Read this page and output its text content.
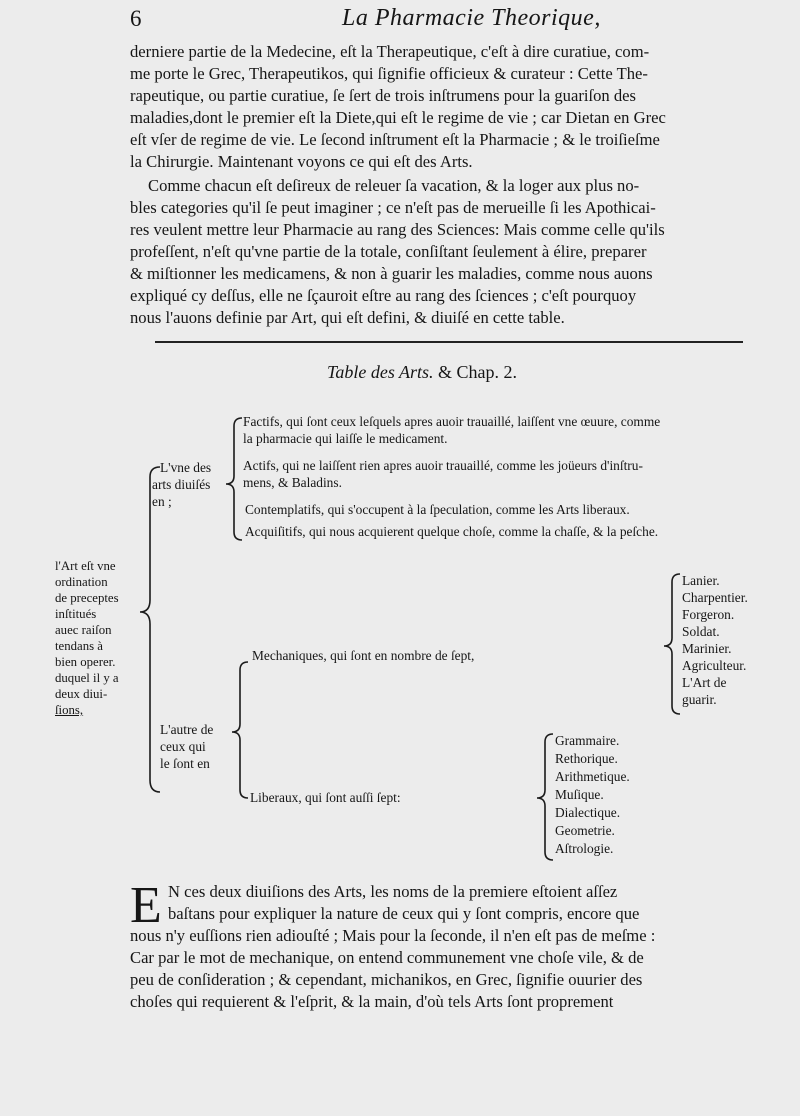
6	La Pharmacie Theorique,
derniere partie de la Medecine, eſt la Therapeutique, c'eſt à dire curatiue, com-
me porte le Grec, Therapeutikos, qui ſignifie officieux & curateur : Cette The-
rapeutique, ou partie curatiue, ſe ſert de trois inſtrumens pour la guariſon des
maladies,dont le premier eſt la Diete,qui eſt le regime de vie ; car Dietan en Grec
eſt vſer de regime de vie. Le ſecond inſtrument eſt la Pharmacie ; & le troiſieſme
la Chirurgie. Maintenant voyons ce qui eſt des Arts.
Comme chacun eſt deſireux de releuer ſa vacation, & la loger aux plus no-
bles categories qu'il ſe peut imaginer ; ce n'eſt pas de merueille ſi les Apothicai-
res veulent mettre leur Pharmacie au rang des Sciences: Mais comme celle qu'ils
profeſſent, n'eſt qu'vne partie de la totale, conſiſtant ſeulement à élire, preparer
& miſtionner les medicamens, & non à guarir les maladies, comme nous auons
expliqué cy deſſus, elle ne ſçauroit eſtre au rang des ſciences ; c'eſt pourquoy
nous l'auons definie par Art, qui eſt defini, & diuiſé en cette table.
Table des Arts. & Chap. 2.
l'Art eſt vne
ordination
de preceptes
inſtitués
auec raiſon
tendans à
bien operer.
duquel il y a
deux diui-
ſions,
L'vne des
arts diuiſés
en ;
Factifs, qui ſont ceux leſquels apres auoir trauaillé, laiſſent vne œuure, comme
la pharmacie qui laiſſe le medicament.
Actifs, qui ne laiſſent rien apres auoir trauaillé, comme les joüeurs d'inſtru-
mens, & Baladins.
Contemplatifs, qui s'occupent à la ſpeculation, comme les Arts liberaux.
Acquiſitifs, qui nous acquierent quelque choſe, comme la chaſſe, & la peſche.
L'autre de
ceux qui
le ſont en
Mechaniques, qui ſont en nombre de ſept,
Liberaux, qui ſont auſſi ſept:
Lanier.
Charpentier.
Forgeron.
Soldat.
Marinier.
Agriculteur.
L'Art de
guarir.
Grammaire.
Rethorique.
Arithmetique.
Muſique.
Dialectique.
Geometrie.
Aſtrologie.
E N ces deux diuiſions des Arts, les noms de la premiere eſtoient aſſez
baſtans pour expliquer la nature de ceux qui y ſont compris, encore que
nous n'y euſſions rien adiouſté ; Mais pour la ſeconde, il n'en eſt pas de meſme :
Car par le mot de mechanique, on entend communement vne choſe vile, & de
peu de conſideration ; & cependant, michanikos, en Grec, ſignifie ouurier des
choſes qui requierent & l'eſprit, & la main, d'où tels Arts ſont proprement
